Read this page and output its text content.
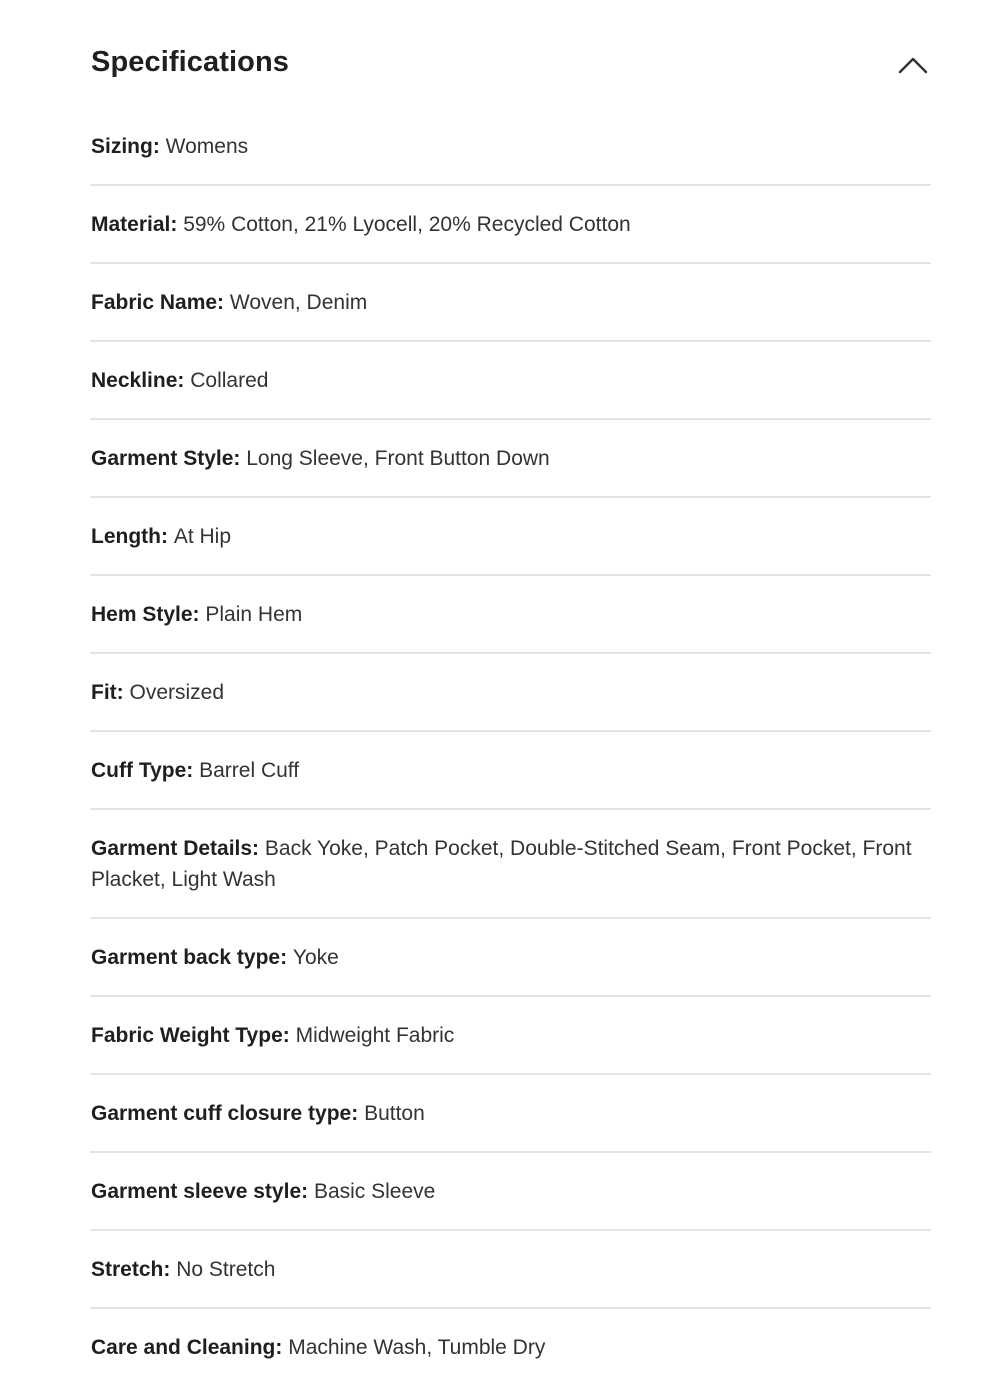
Specifications
Sizing: Womens
Material: 59% Cotton, 21% Lyocell, 20% Recycled Cotton
Fabric Name: Woven, Denim
Neckline: Collared
Garment Style: Long Sleeve, Front Button Down
Length: At Hip
Hem Style: Plain Hem
Fit: Oversized
Cuff Type: Barrel Cuff
Garment Details: Back Yoke, Patch Pocket, Double-Stitched Seam, Front Pocket, Front Placket, Light Wash
Garment back type: Yoke
Fabric Weight Type: Midweight Fabric
Garment cuff closure type: Button
Garment sleeve style: Basic Sleeve
Stretch: No Stretch
Care and Cleaning: Machine Wash, Tumble Dry
